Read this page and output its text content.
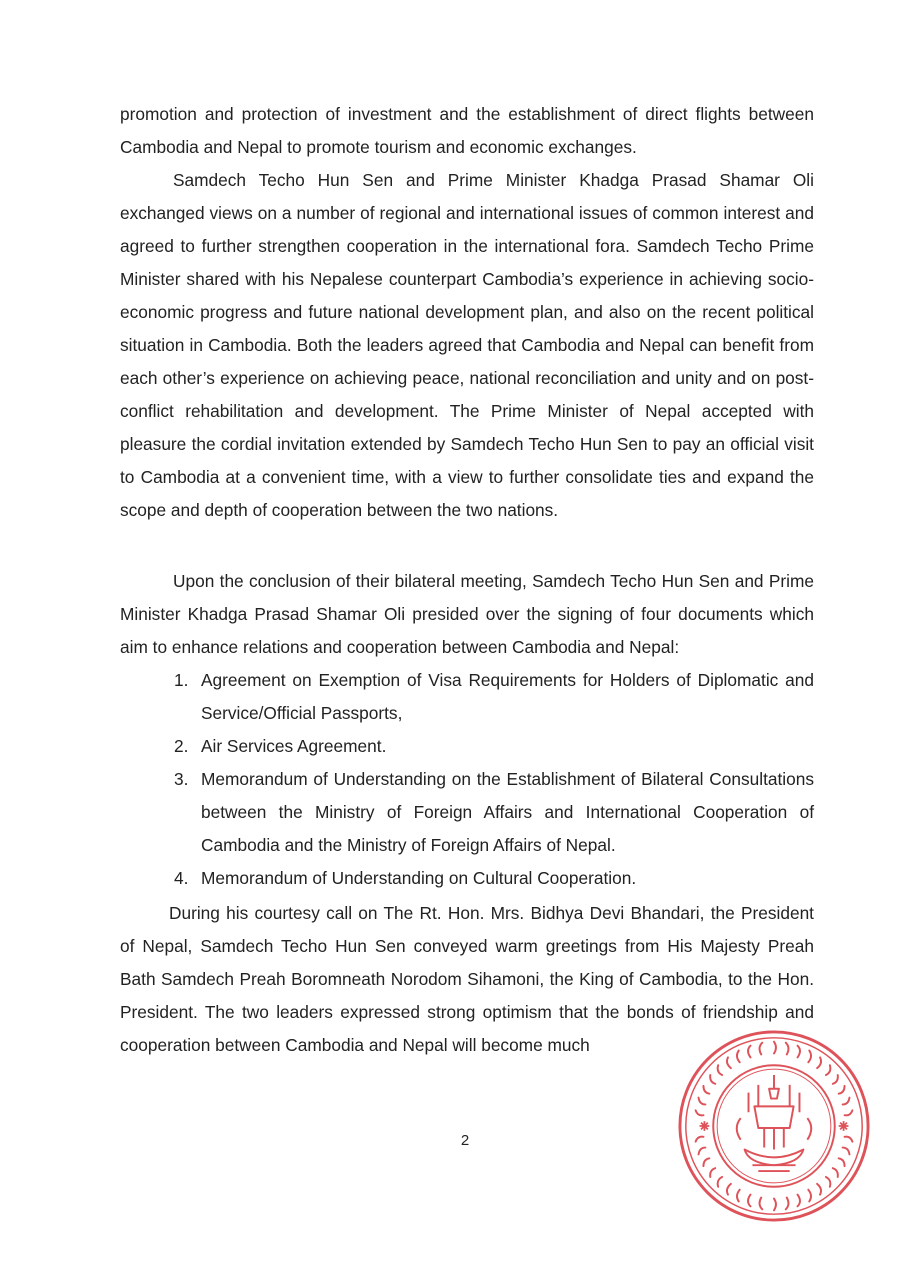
promotion and protection of investment and the establishment of direct flights between Cambodia and Nepal to promote tourism and economic exchanges.

Samdech Techo Hun Sen and Prime Minister Khadga Prasad Shamar Oli exchanged views on a number of regional and international issues of common interest and agreed to further strengthen cooperation in the international fora. Samdech Techo Prime Minister shared with his Nepalese counterpart Cambodia’s experience in achieving socio-economic progress and future national development plan, and also on the recent political situation in Cambodia. Both the leaders agreed that Cambodia and Nepal can benefit from each other’s experience on achieving peace, national reconciliation and unity and on post-conflict rehabilitation and development. The Prime Minister of Nepal accepted with pleasure the cordial invitation extended by Samdech Techo Hun Sen to pay an official visit to Cambodia at a convenient time, with a view to further consolidate ties and expand the scope and depth of cooperation between the two nations.

Upon the conclusion of their bilateral meeting, Samdech Techo Hun Sen and Prime Minister Khadga Prasad Shamar Oli presided over the signing of four documents which aim to enhance relations and cooperation between Cambodia and Nepal:

1. Agreement on Exemption of Visa Requirements for Holders of Diplomatic and Service/Official Passports,
2. Air Services Agreement.
3. Memorandum of Understanding on the Establishment of Bilateral Consultations between the Ministry of Foreign Affairs and International Cooperation of Cambodia and the Ministry of Foreign Affairs of Nepal.
4. Memorandum of Understanding on Cultural Cooperation.

During his courtesy call on The Rt. Hon. Mrs. Bidhya Devi Bhandari, the President of Nepal, Samdech Techo Hun Sen conveyed warm greetings from His Majesty Preah Bath Samdech Preah Boromneath Norodom Sihamoni, the King of Cambodia, to the Hon. President. The two leaders expressed strong optimism that the bonds of friendship and cooperation between Cambodia and Nepal will become much

2
